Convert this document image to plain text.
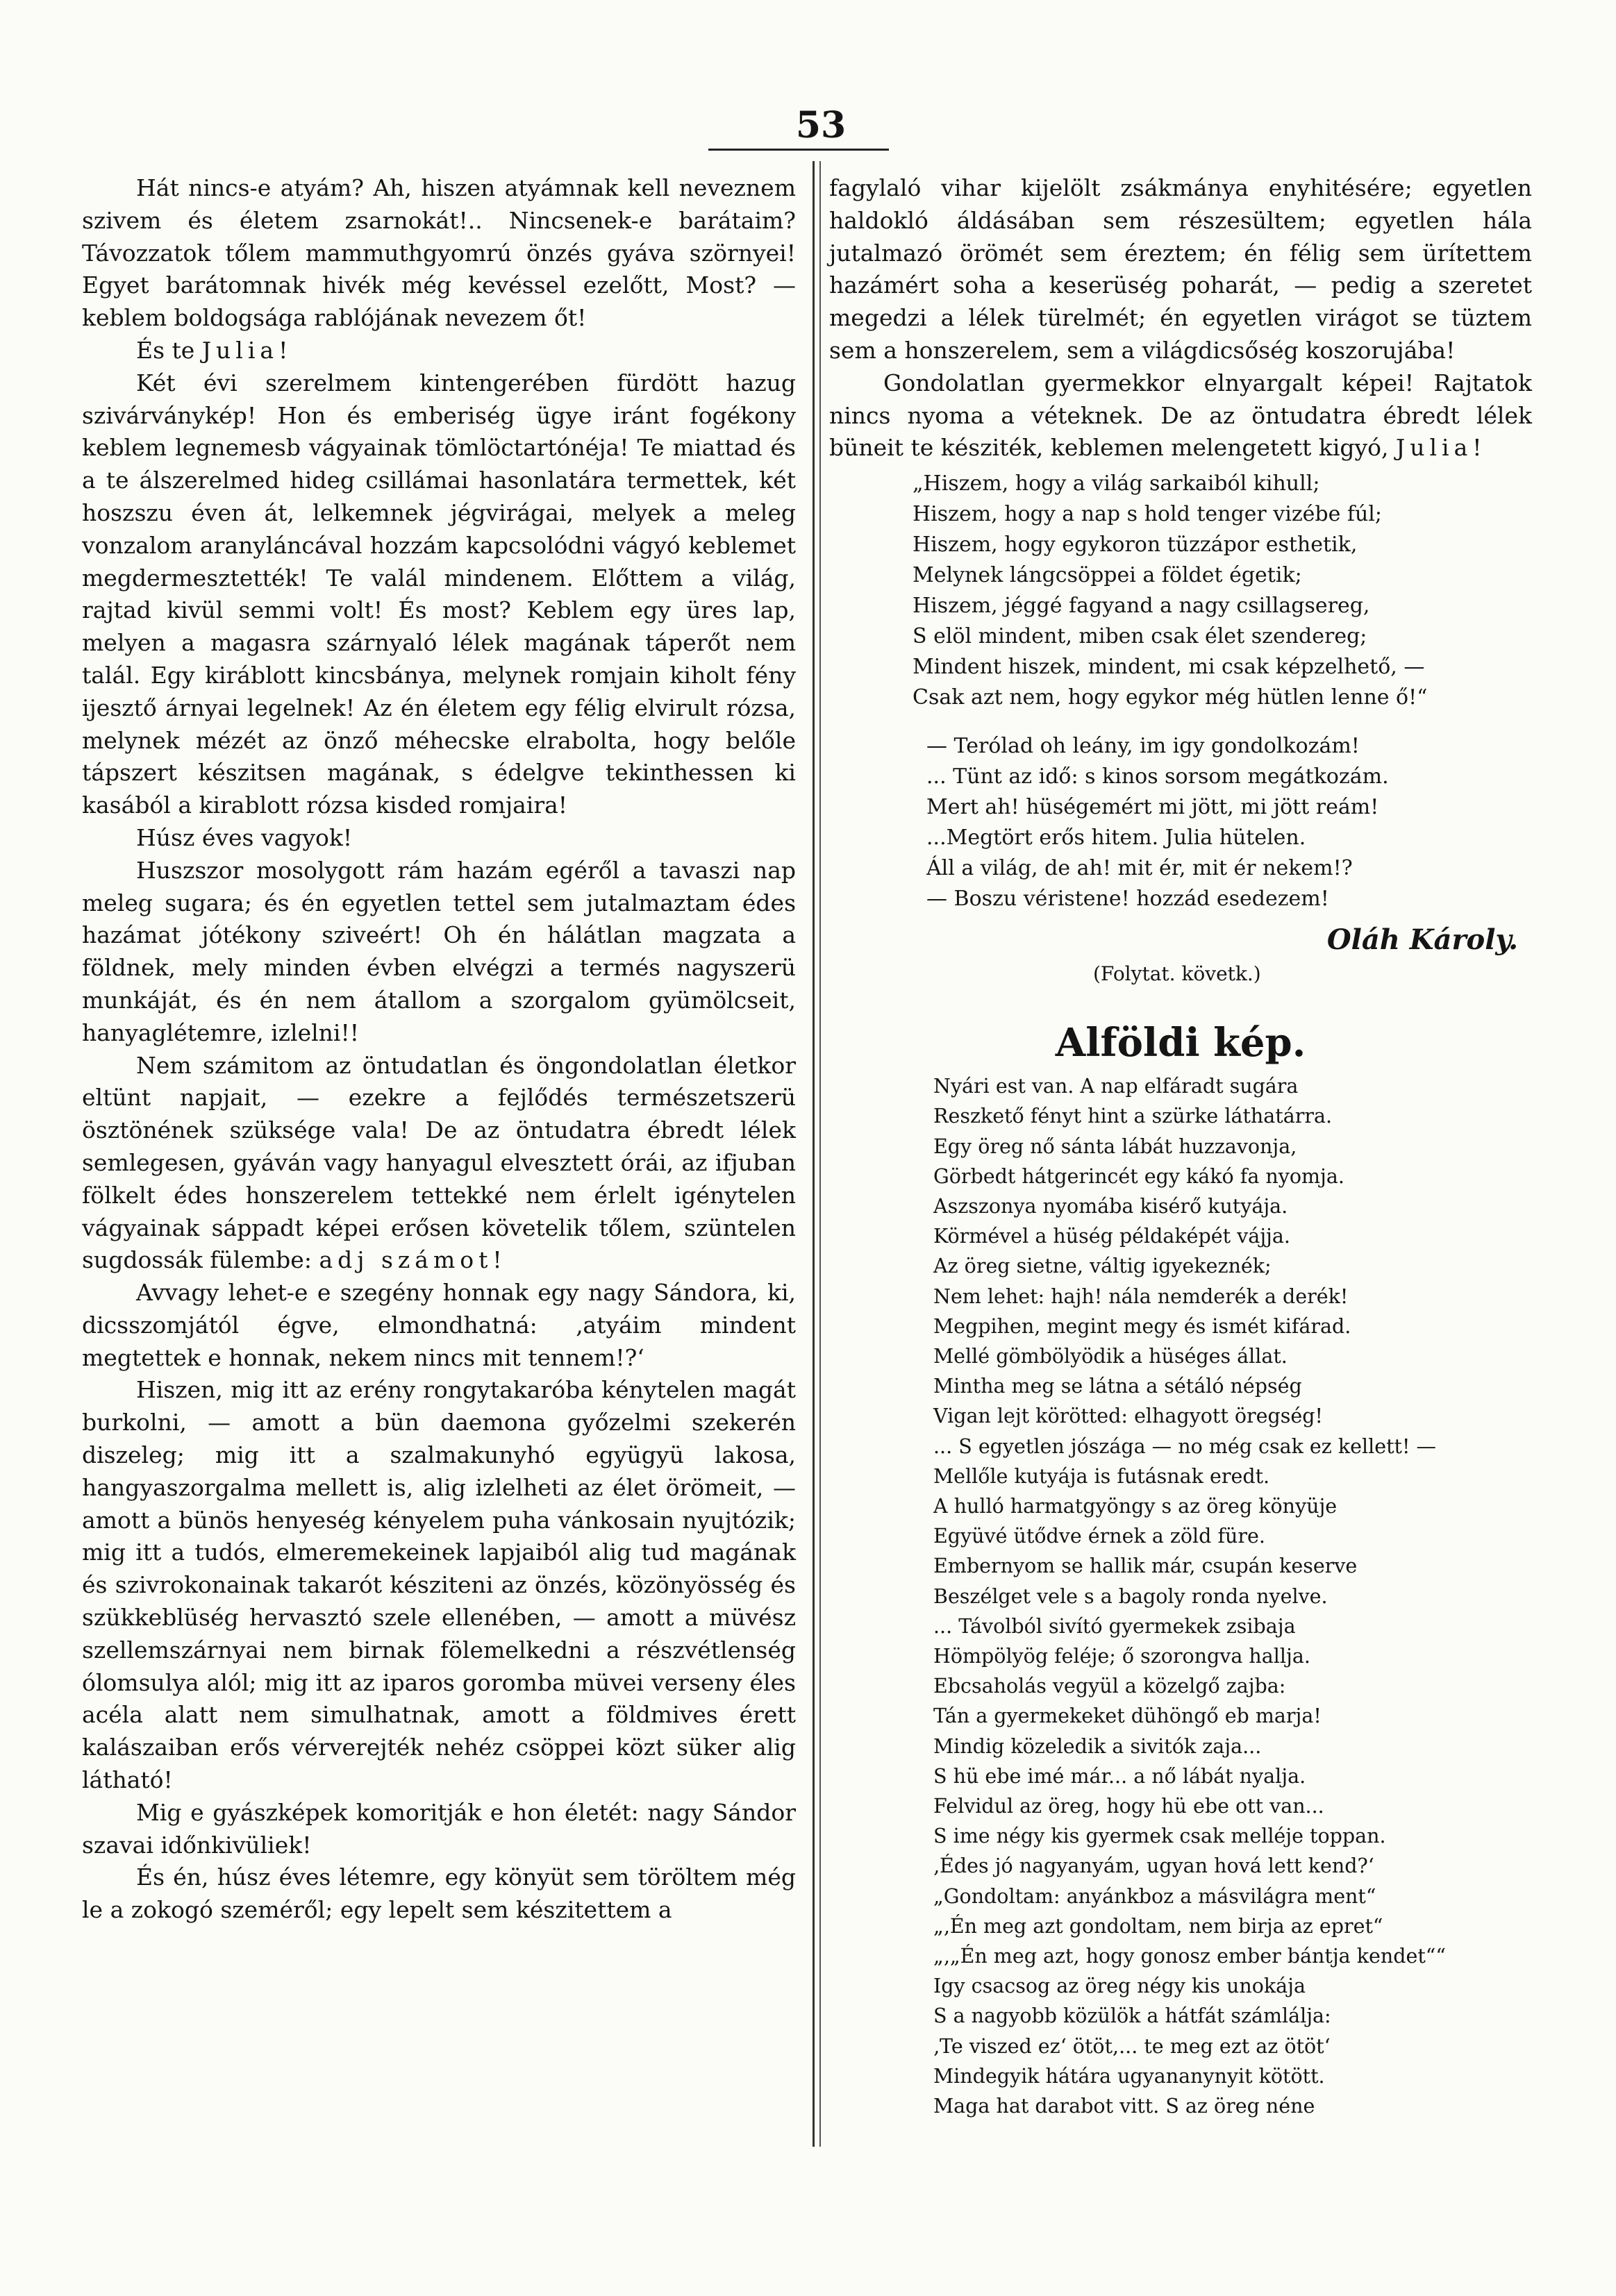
53

Hát nincs-e atyám? Ah, hiszen atyámnak kell neveznem szivem és életem zsarnokát!.. Nincsenek-e barátaim? Távozzatok tőlem mammuthgyomrú önzés gyáva szörnyei! Egyet barátomnak hivék még kevéssel ezelőtt, Most? — keblem boldogsága rablójának nevezem őt!

És te Julia!

Két évi szerelmem kintengerében fürdött hazug szivárványkép! Hon és emberiség ügye iránt fogékony keblem legnemesb vágyainak tömlöctartónéja! Te miattad és a te álszerelmed hideg csillámai hasonlatára termettek, két hoszszu éven át, lelkemnek jégvirágai, melyek a meleg vonzalom aranyláncával hozzám kapcsolódni vágyó keblemet megdermesztették! Te valál mindenem. Előttem a világ, rajtad kivül semmi volt! És most? Keblem egy üres lap, melyen a magasra szárnyaló lélek magának táperőt nem talál. Egy kiráblott kincsbánya, melynek romjain kiholt fény ijesztő árnyai legelnek! Az én életem egy félig elvirult rózsa, melynek mézét az önző méhecske elrabolta, hogy belőle tápszert készitsen magának, s édelgve tekinthessen ki kasából a kirablott rózsa kisded romjaira!

Húsz éves vagyok!

Huszszor mosolygott rám hazám egéről a tavaszi nap meleg sugara; és én egyetlen tettel sem jutalmaztam édes hazámat jótékony sziveért! Oh én hálátlan magzata a földnek, mely minden évben elvégzi a termés nagyszerü munkáját, és én nem átallom a szorgalom gyümölcseit, hanyaglétemre, izlelni!!

Nem számitom az öntudatlan és öngondolatlan életkor eltünt napjait, — ezekre a fejlődés természetszerü ösztönének szüksége vala! De az öntudatra ébredt lélek semlegesen, gyáván vagy hanyagul elvesztett órái, az ifjuban fölkelt édes honszerelem tettekké nem érlelt igénytelen vágyainak sáppadt képei erősen követelik tőlem, szüntelen sugdossák fülembe: adj számot!

Avvagy lehet-e e szegény honnak egy nagy Sándora, ki, dicsszomjától égve, elmondhatná: ‚atyáim mindent megtettek e honnak, nekem nincs mit tennem!?‘

Hiszen, mig itt az erény rongytakaróba kénytelen magát burkolni, — amott a bün daemona győzelmi szekerén diszeleg; mig itt a szalmakunyhó együgyü lakosa, hangyaszorgalma mellett is, alig izlelheti az élet örömeit, — amott a bünös henyeség kényelem puha vánkosain nyujtózik; mig itt a tudós, elmeremekeinek lapjaiból alig tud magának és szivrokonainak takarót késziteni az önzés, közönyösség és szükkeblüség hervasztó szele ellenében, — amott a müvész szellemszárnyai nem birnak fölemelkedni a részvétlenség ólomsulya alól; mig itt az iparos goromba müvei verseny éles acéla alatt nem simulhatnak, amott a földmives érett kalászaiban erős vérverejték nehéz csöppei közt süker alig látható!

Mig e gyászképek komoritják e hon életét: nagy Sándor szavai időnkivüliek!

És én, húsz éves létemre, egy könyüt sem töröltem még le a zokogó szeméről; egy lepelt sem készitettem a

fagylaló vihar kijelölt zsákmánya enyhitésére; egyetlen haldokló áldásában sem részesültem; egyetlen hála jutalmazó örömét sem éreztem; én félig sem ürítettem hazámért soha a keserüség poharát, — pedig a szeretet megedzi a lélek türelmét; én egyetlen virágot se tüztem sem a honszerelem, sem a világdicsőség koszorujába!

Gondolatlan gyermekkor elnyargalt képei! Rajtatok nincs nyoma a véteknek. De az öntudatra ébredt lélek büneit te késziték, keblemen melengetett kigyó, Julia!

„Hiszem, hogy a világ sarkaiból kihull;
Hiszem, hogy a nap s hold tenger vizébe fúl;
Hiszem, hogy egykoron tüzzápor esthetik,
Melynek lángcsöppei a földet égetik;
Hiszem, jéggé fagyand a nagy csillagsereg,
S elöl mindent, miben csak élet szendereg;
Mindent hiszek, mindent, mi csak képzelhető, —
Csak azt nem, hogy egykor még hütlen lenne ő!“
— Terólad oh leány, im igy gondolkozám!
... Tünt az idő: s kinos sorsom megátkozám.
Mert ah! hüségemért mi jött, mi jött reám!
...Megtört erős hitem. Julia hütelen.
Áll a világ, de ah! mit ér, mit ér nekem!?
— Boszu véristene! hozzád esedezem!
Oláh Károly.
(Folytat. követk.)
Alföldi kép.
Nyári est van. A nap elfáradt sugára
Reszkető fényt hint a szürke láthatárra.
Egy öreg nő sánta lábát huzzavonja,
Görbedt hátgerincét egy kákó fa nyomja.
Aszszonya nyomába kisérő kutyája.
Körmével a hüség példaképét vájja.
Az öreg sietne, váltig igyekeznék;
Nem lehet: hajh! nála nemderék a derék!
Megpihen, megint megy és ismét kifárad.
Mellé gömbölyödik a hüséges állat.
Mintha meg se látna a sétáló népség
Vigan lejt körötted: elhagyott öregség!
... S egyetlen jószága — no még csak ez kellett! —
Mellőle kutyája is futásnak eredt.
A hulló harmatgyöngy s az öreg könyüje
Együvé ütődve érnek a zöld füre.
Embernyom se hallik már, csupán keserve
Beszélget vele s a bagoly ronda nyelve.
... Távolból sivító gyermekek zsibaja
Hömpölyög feléje; ő szorongva hallja.
Ebcsaholás vegyül a közelgő zajba:
Tán a gyermekeket dühöngő eb marja!
Mindig közeledik a sivitók zaja...
S hü ebe imé már... a nő lábát nyalja.
Felvidul az öreg, hogy hü ebe ott van...
S ime négy kis gyermek csak melléje toppan.
‚Édes jó nagyanyám, ugyan hová lett kend?‘
„Gondoltam: anyánkboz a másvilágra ment“
„‚Én meg azt gondoltam, nem birja az epret“
„‚„Én meg azt, hogy gonosz ember bántja kendet““
Igy csacsog az öreg négy kis unokája
S a nagyobb közülök a hátfát számlálja:
‚Te viszed ez‘ ötöt,... te meg ezt az ötöt‘
Mindegyik hátára ugyananynyit kötött.
Maga hat darabot vitt. S az öreg néne
